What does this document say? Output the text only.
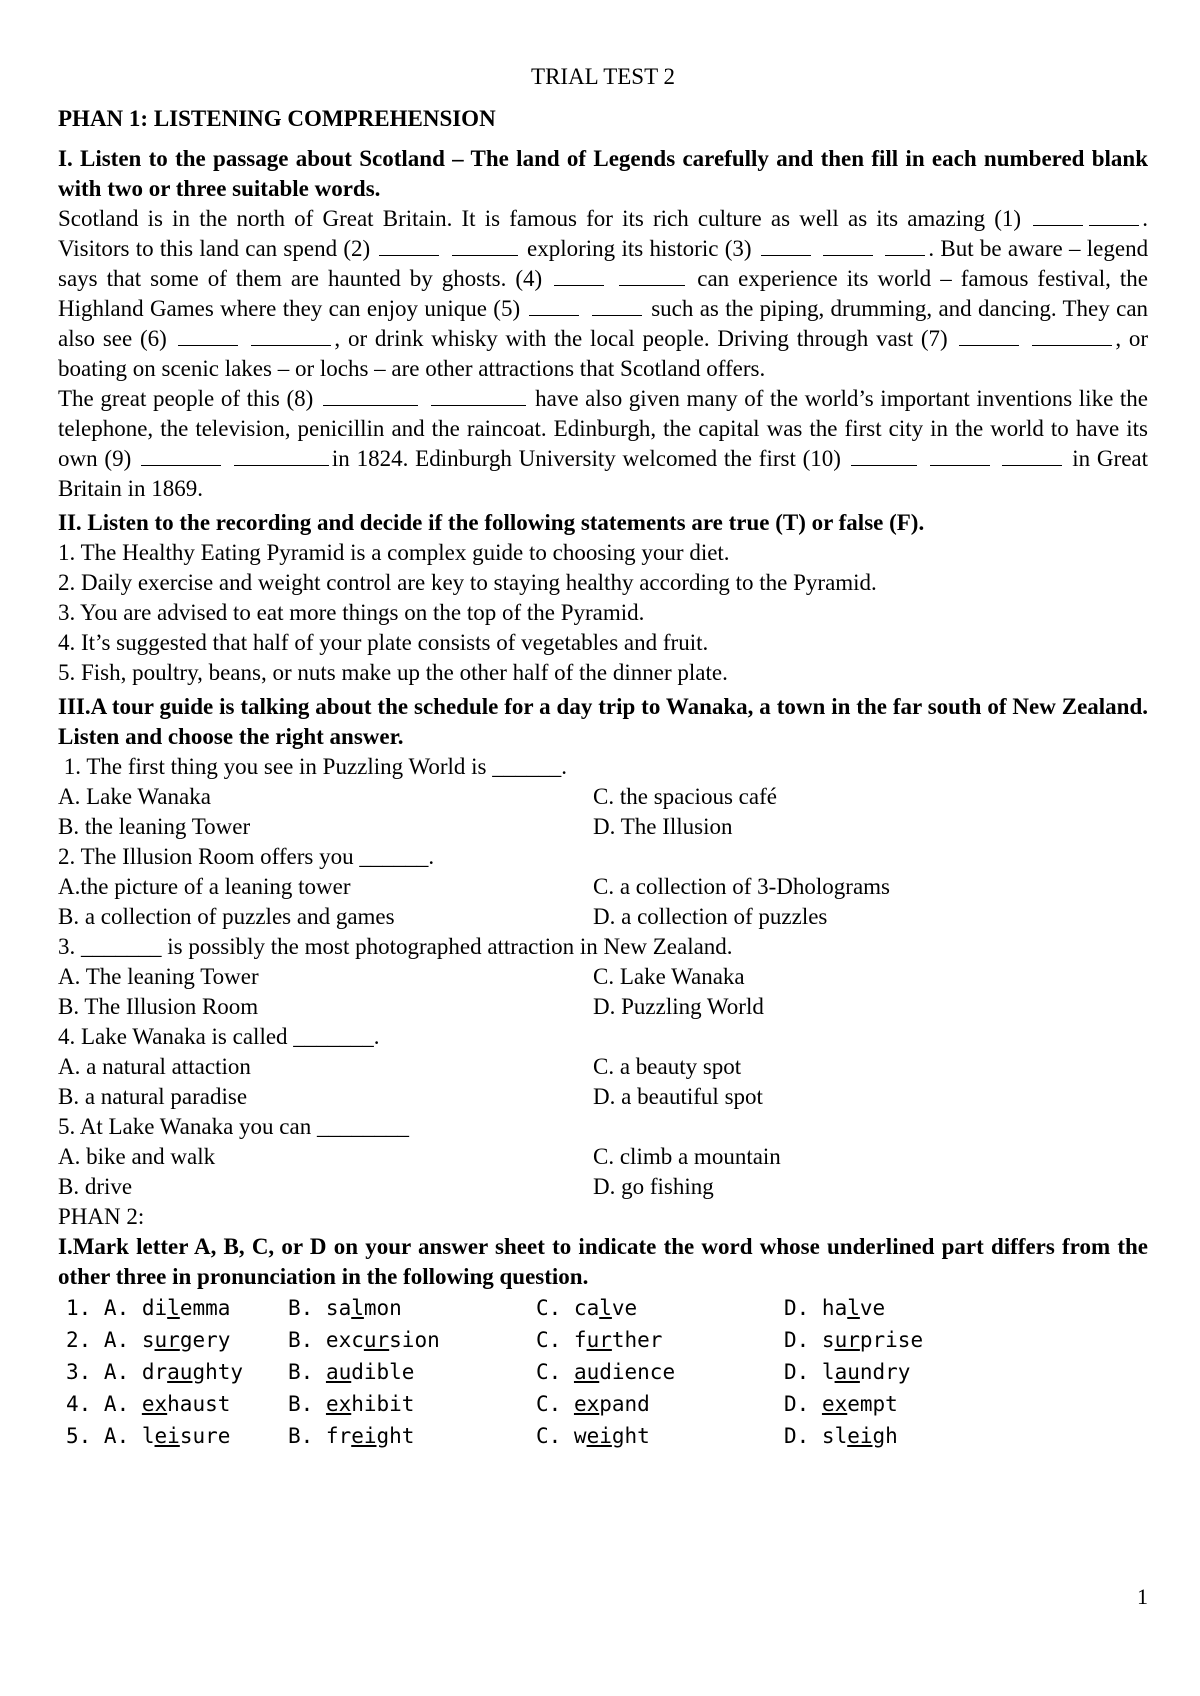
TRIAL TEST 2
PHAN 1: LISTENING COMPREHENSION
I. Listen to the passage about Scotland – The land of Legends carefully and then fill in each numbered blank with two or three suitable words.
Scotland is in the north of Great Britain. It is famous for its rich culture as well as its amazing (1)	. Visitors to this land can spend (2)	exploring its historic (3)	. But be aware – legend says that some of them are haunted by ghosts. (4)	can experience its world – famous festival, the Highland Games where they can enjoy unique (5)	such as the piping, drumming, and dancing. They can also see (6)	, or drink whisky with the local people. Driving through vast (7)	, or boating on scenic lakes – or lochs – are other attractions that Scotland offers.
The great people of this (8)	have also given many of the world’s important inventions like the telephone, the television, penicillin and the raincoat. Edinburgh, the capital was the first city in the world to have its own (9)	in 1824. Edinburgh University welcomed the first (10)	in Great Britain in 1869.
II. Listen to the recording and decide if the following statements are true (T) or false (F).
1. The Healthy Eating Pyramid is a complex guide to choosing your diet.
2. Daily exercise and weight control are key to staying healthy according to the Pyramid.
3. You are advised to eat more things on the top of the Pyramid.
4. It’s suggested that half of your plate consists of vegetables and fruit.
5. Fish, poultry, beans, or nuts make up the other half of the dinner plate.
III.A tour guide is talking about the schedule for a day trip to Wanaka, a town in the far south of New Zealand. Listen and choose the right answer.
1. The first thing you see in Puzzling World is ______.
A. Lake Wanaka	C. the spacious café
B. the leaning Tower	D. The Illusion
2. The Illusion Room offers you ______.
A.the picture of a leaning tower	C. a collection of 3-Dholograms
B. a collection of puzzles and games	D. a collection of puzzles
3. _______ is possibly the most photographed attraction in New Zealand.
A. The leaning Tower	C. Lake Wanaka
B. The Illusion Room	D. Puzzling World
4. Lake Wanaka is called _______.
A. a natural attaction	C. a beauty spot
B. a natural paradise	D. a beautiful spot
5. At Lake Wanaka you can ________
A. bike and walk	C. climb a mountain
B. drive	D. go fishing
PHAN 2:
I.Mark letter A, B, C, or D on your answer sheet to indicate the word whose underlined part differs from the other three in pronunciation in the following question.
1. A. dilemma	B. salmon	C. calve	D. halve
2. A. surgery	B. excursion	C. further	D. surprise
3. A. draughty	B. audible	C. audience	D. laundry
4. A. exhaust	B. exhibit	C. expand	D. exempt
5. A. leisure	B. freight	C. weight	D. sleigh
1
